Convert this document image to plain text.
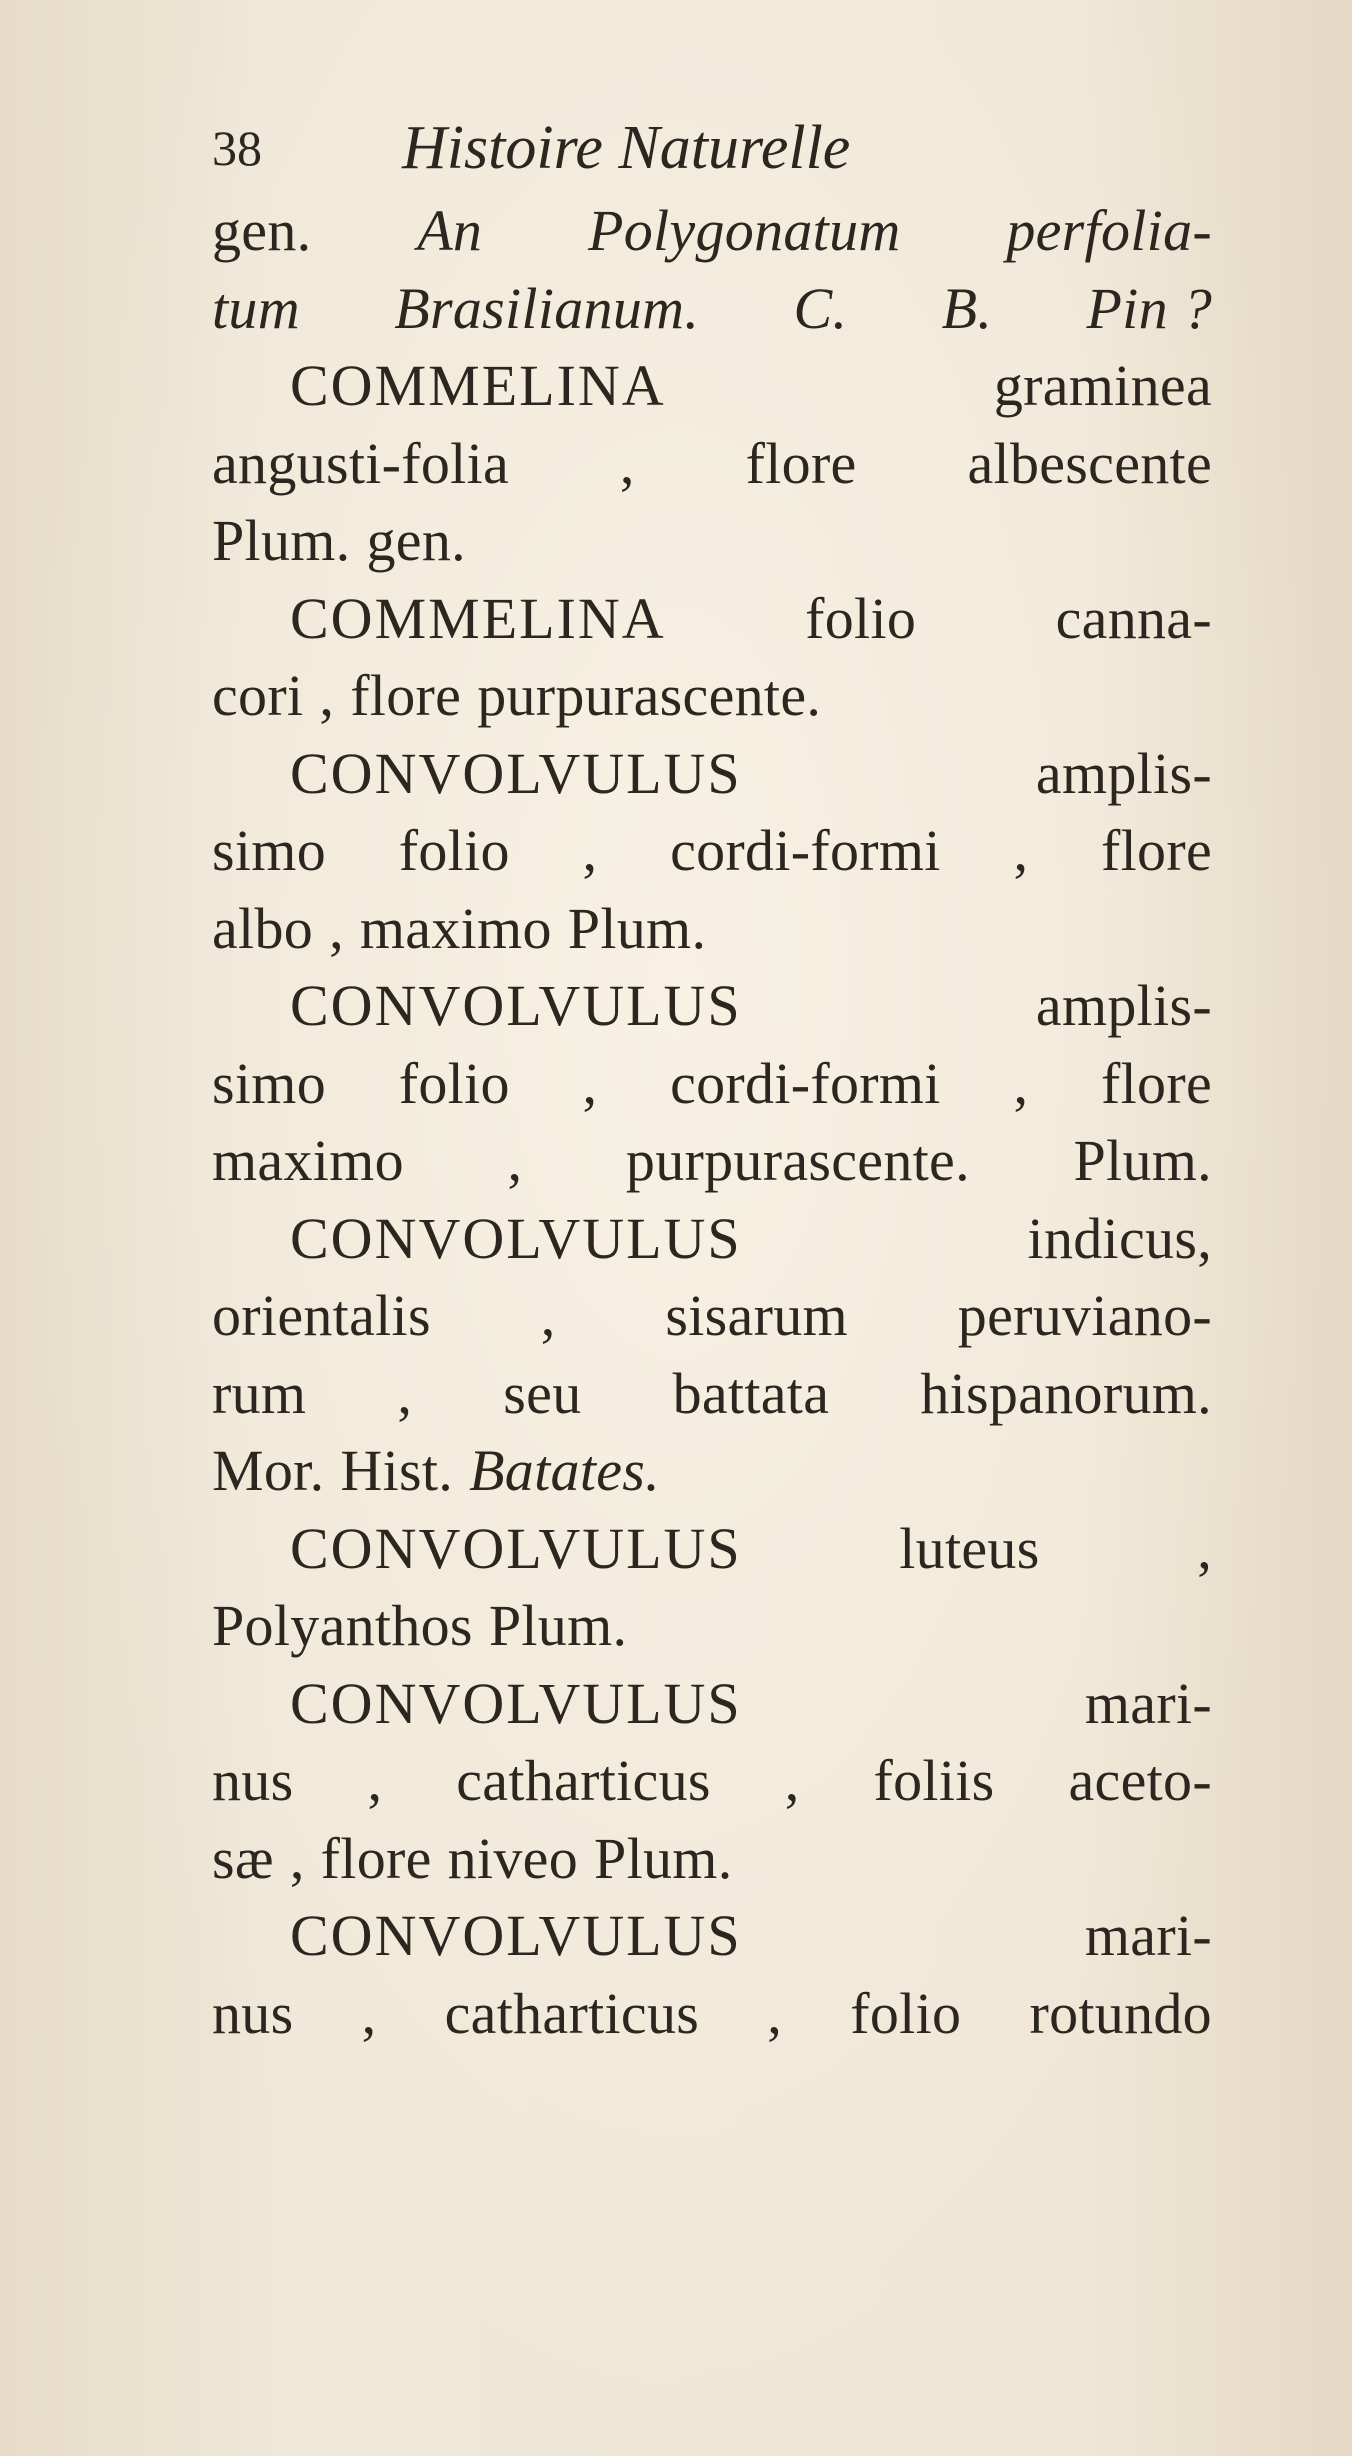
38 Histoire Naturelle
gen. An Polygonatum perfolia-
tum Brasilianum. C. B. Pin ?
COMMELINA	graminea
angusti-folia , flore albescente
Plum. gen.
COMMELINA folio canna-
cori , flore purpurascente.
CONVOLVULUS	amplis-
simo folio , cordi-formi , flore
albo , maximo Plum.
CONVOLVULUS	amplis-
simo folio , cordi-formi , flore
maximo , purpurascente. Plum.
CONVOLVULUS	indicus,
orientalis , sisarum peruviano-
rum , seu battata hispanorum.
Mor. Hist. Batates.
CONVOLVULUS	luteus	,
Polyanthos Plum.
CONVOLVULUS	mari-
nus , catharticus , foliis aceto-
sæ , flore niveo Plum.
CONVOLVULUS	mari-
nus , catharticus , folio rotundo
